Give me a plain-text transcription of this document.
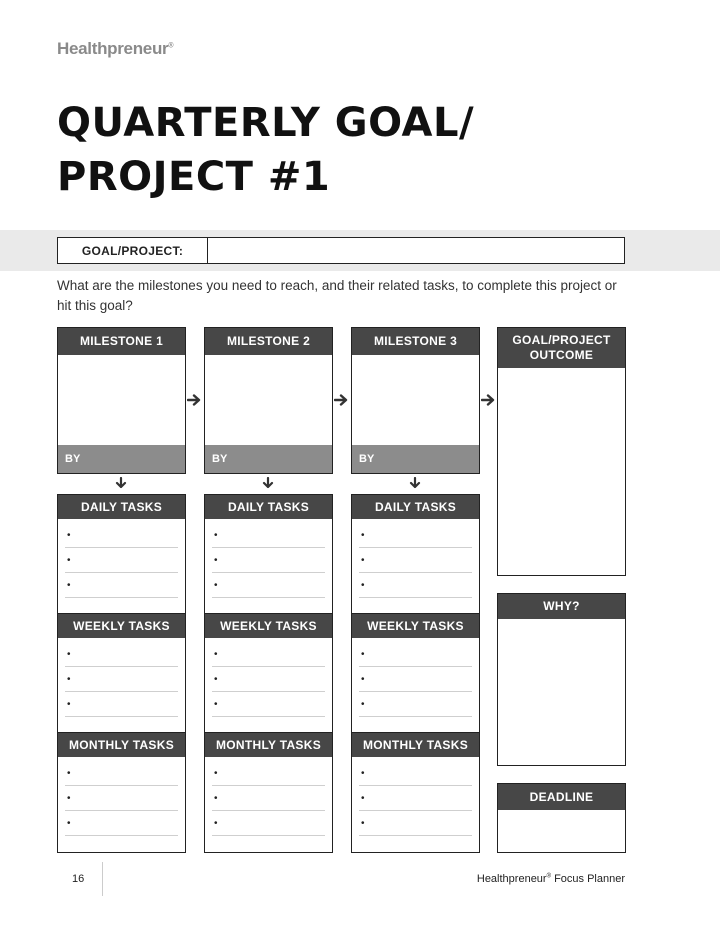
Healthpreneur®
QUARTERLY GOAL/
PROJECT #1
GOAL/PROJECT:
What are the milestones you need to reach, and their related tasks, to complete this project or hit this goal?
MILESTONE 1
BY
MILESTONE 2
BY
MILESTONE 3
BY
DAILY TASKS
•
•
•
WEEKLY TASKS
•
•
•
MONTHLY TASKS
•
•
•
DAILY TASKS
•
•
•
WEEKLY TASKS
•
•
•
MONTHLY TASKS
•
•
•
DAILY TASKS
•
•
•
WEEKLY TASKS
•
•
•
MONTHLY TASKS
•
•
•
GOAL/PROJECT OUTCOME
WHY?
DEADLINE
16	Healthpreneur® Focus Planner
